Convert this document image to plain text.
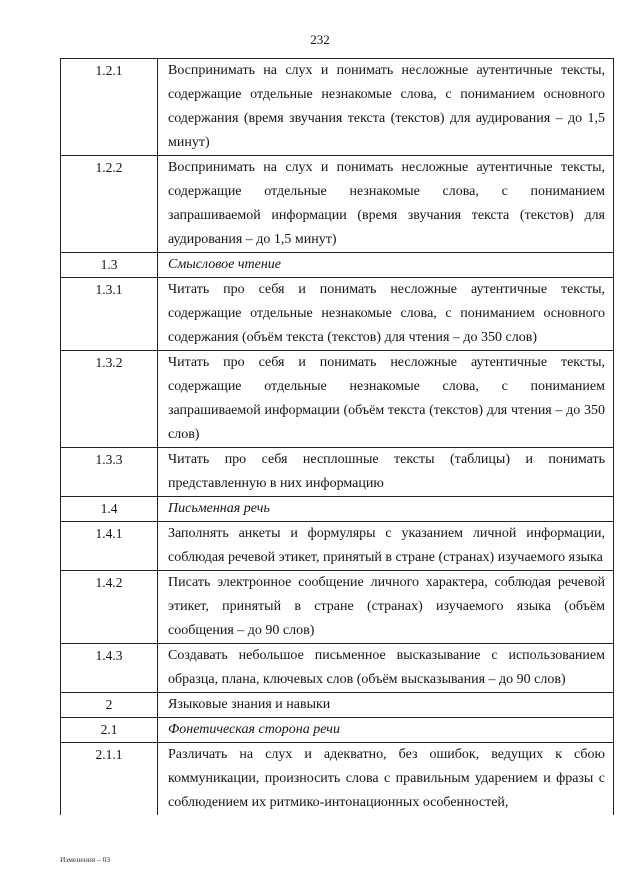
232
1.2.1	Воспринимать на слух и понимать несложные аутентичные тексты, содержащие отдельные незнакомые слова, с пониманием основного содержания (время звучания текста (текстов) для аудирования – до 1,5 минут)
1.2.2	Воспринимать на слух и понимать несложные аутентичные тексты, содержащие отдельные незнакомые слова, с пониманием запрашиваемой информации (время звучания текста (текстов) для аудирования – до 1,5 минут)
1.3	Смысловое чтение
1.3.1	Читать про себя и понимать несложные аутентичные тексты, содержащие отдельные незнакомые слова, с пониманием основного содержания (объём текста (текстов) для чтения – до 350 слов)
1.3.2	Читать про себя и понимать несложные аутентичные тексты, содержащие отдельные незнакомые слова, с пониманием запрашиваемой информации (объём текста (текстов) для чтения – до 350 слов)
1.3.3	Читать про себя несплошные тексты (таблицы) и понимать представленную в них информацию
1.4	Письменная речь
1.4.1	Заполнять анкеты и формуляры с указанием личной информации, соблюдая речевой этикет, принятый в стране (странах) изучаемого языка
1.4.2	Писать электронное сообщение личного характера, соблюдая речевой этикет, принятый в стране (странах) изучаемого языка (объём сообщения – до 90 слов)
1.4.3	Создавать небольшое письменное высказывание с использованием образца, плана, ключевых слов (объём высказывания – до 90 слов)
2	Языковые знания и навыки
2.1	Фонетическая сторона речи
2.1.1	Различать на слух и адекватно, без ошибок, ведущих к сбою коммуникации, произносить слова с правильным ударением и фразы с соблюдением их ритмико-интонационных особенностей,
Изменения – 03
